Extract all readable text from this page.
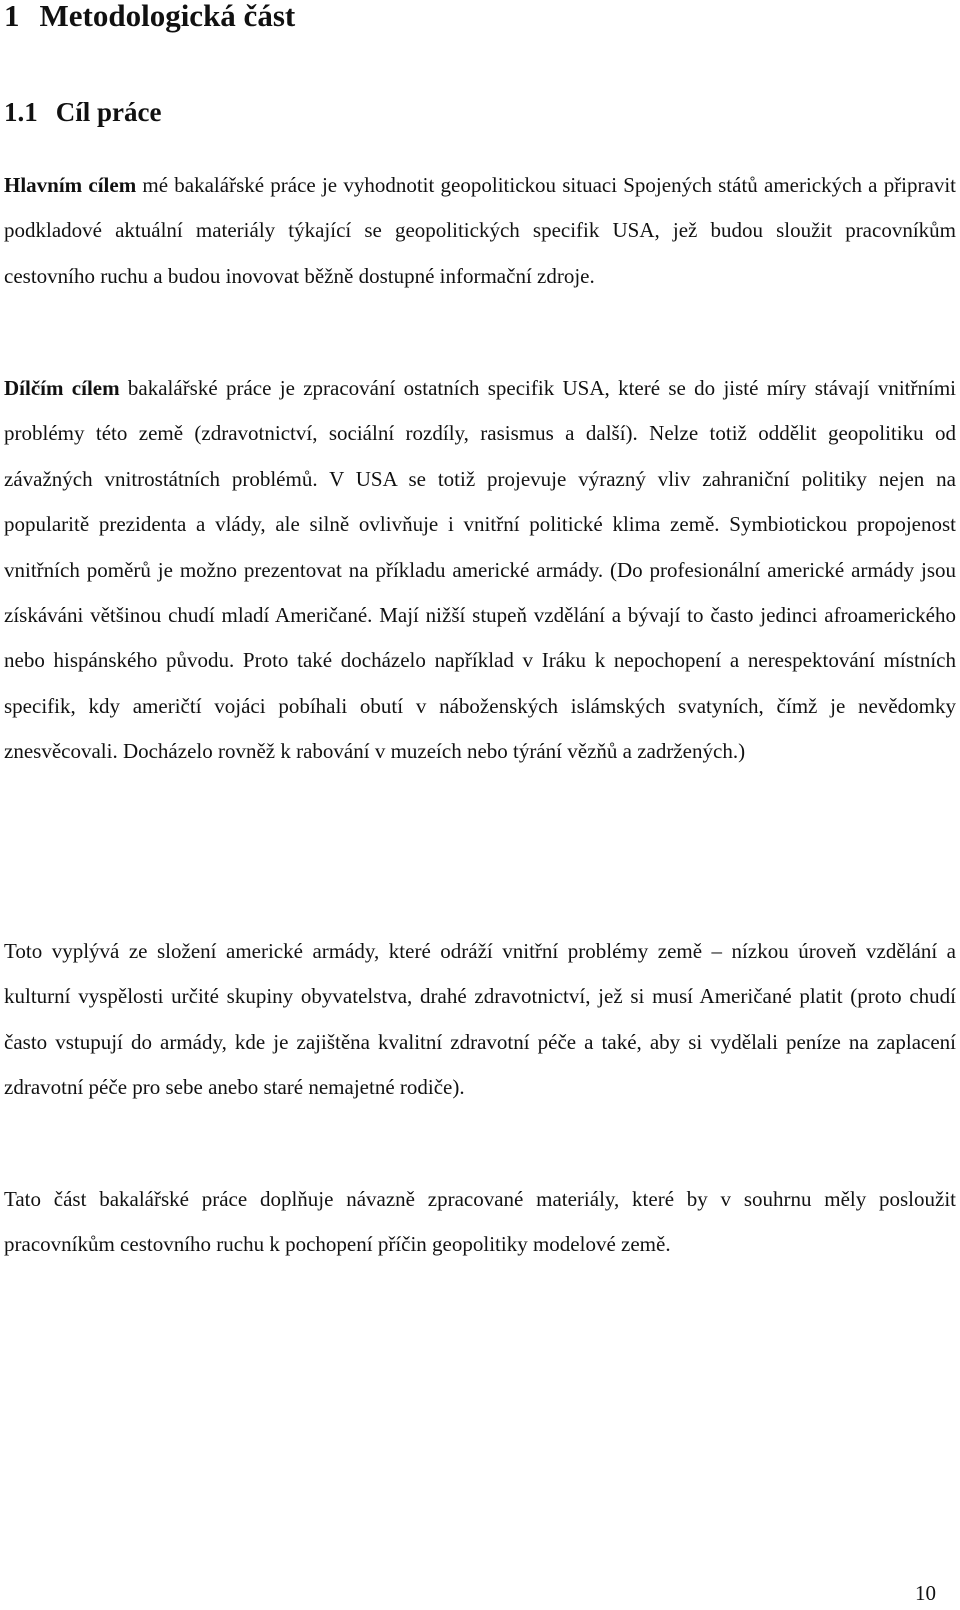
1 Metodologická část
1.1 Cíl práce

Hlavním cílem mé bakalářské práce je vyhodnotit geopolitickou situaci Spojených států amerických a připravit podkladové aktuální materiály týkající se geopolitických specifik USA, jež budou sloužit pracovníkům cestovního ruchu a budou inovovat běžně dostupné informační zdroje.

Dílčím cílem bakalářské práce je zpracování ostatních specifik USA, které se do jisté míry stávají vnitřními problémy této země (zdravotnictví, sociální rozdíly, rasismus a další). Nelze totiž oddělit geopolitiku od závažných vnitrostátních problémů. V USA se totiž projevuje výrazný vliv zahraniční politiky nejen na popularitě prezidenta a vlády, ale silně ovlivňuje i vnitřní politické klima země. Symbiotickou propojenost vnitřních poměrů je možno prezentovat na příkladu americké armády. (Do profesionální americké armády jsou získáváni většinou chudí mladí Američané. Mají nižší stupeň vzdělání a bývají to často jedinci afroamerického nebo hispánského původu. Proto také docházelo například v Iráku k nepochopení a nerespektování místních specifik, kdy američtí vojáci pobíhali obutí v náboženských islámských svatyních, čímž je nevědomky znesvěcovali. Docházelo rovněž k rabování v muzeích nebo týrání vězňů a zadržených.)

Toto vyplývá ze složení americké armády, které odráží vnitřní problémy země – nízkou úroveň vzdělání a kulturní vyspělosti určité skupiny obyvatelstva, drahé zdravotnictví, jež si musí Američané platit (proto chudí často vstupují do armády, kde je zajištěna kvalitní zdravotní péče a také, aby si vydělali peníze na zaplacení zdravotní péče pro sebe anebo staré nemajetné rodiče).

Tato část bakalářské práce doplňuje návazně zpracované materiály, které by v souhrnu měly posloužit pracovníkům cestovního ruchu k pochopení příčin geopolitiky modelové země.

10
